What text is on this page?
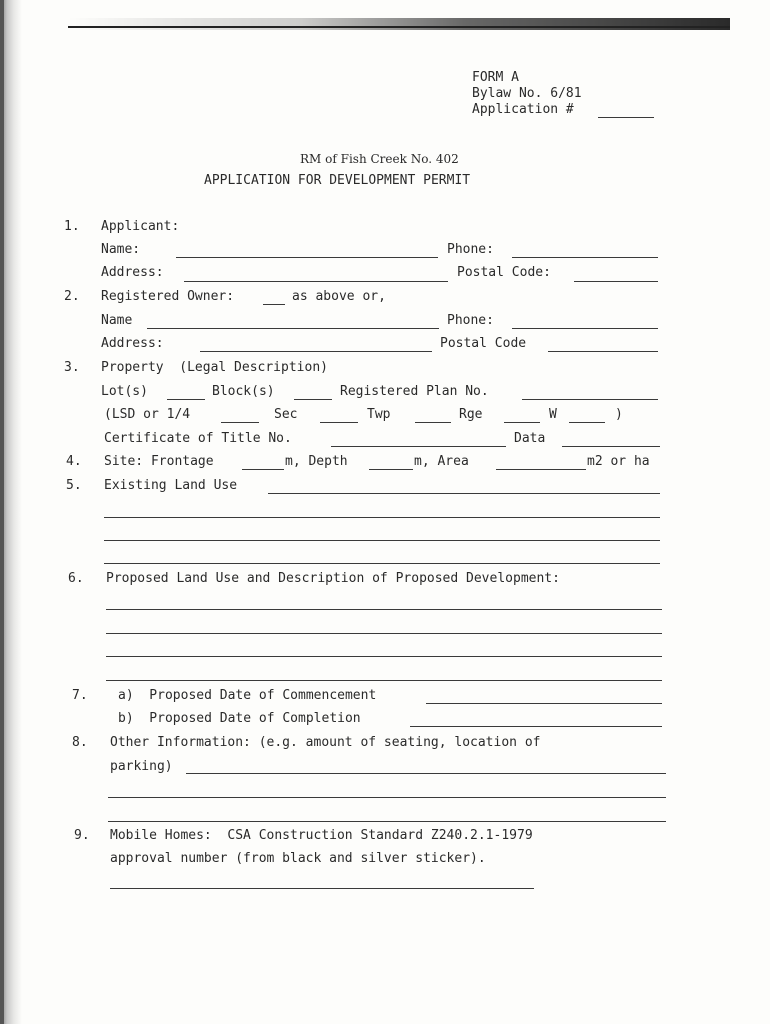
FORM A
Bylaw No. 6/81
Application #
RM of Fish Creek No. 402
APPLICATION FOR DEVELOPMENT PERMIT
1. Applicant:
Name:	Phone:
Address:	Postal Code:
2. Registered Owner:	as above or,
Name	Phone:
Address:	Postal Code
3. Property  (Legal Description)
Lot(s)	Block(s)	Registered Plan No.
(LSD or 1/4	Sec	Twp	Rge	W	)
Certificate of Title No.	Data
4. Site: Frontage	m, Depth	m, Area	m2 or ha
5. Existing Land Use
6. Proposed Land Use and Description of Proposed Development:
7. a)  Proposed Date of Commencement
b)  Proposed Date of Completion
8. Other Information: (e.g. amount of seating, location of
parking)
9. Mobile Homes:  CSA Construction Standard Z240.2.1-1979
approval number (from black and silver sticker).
